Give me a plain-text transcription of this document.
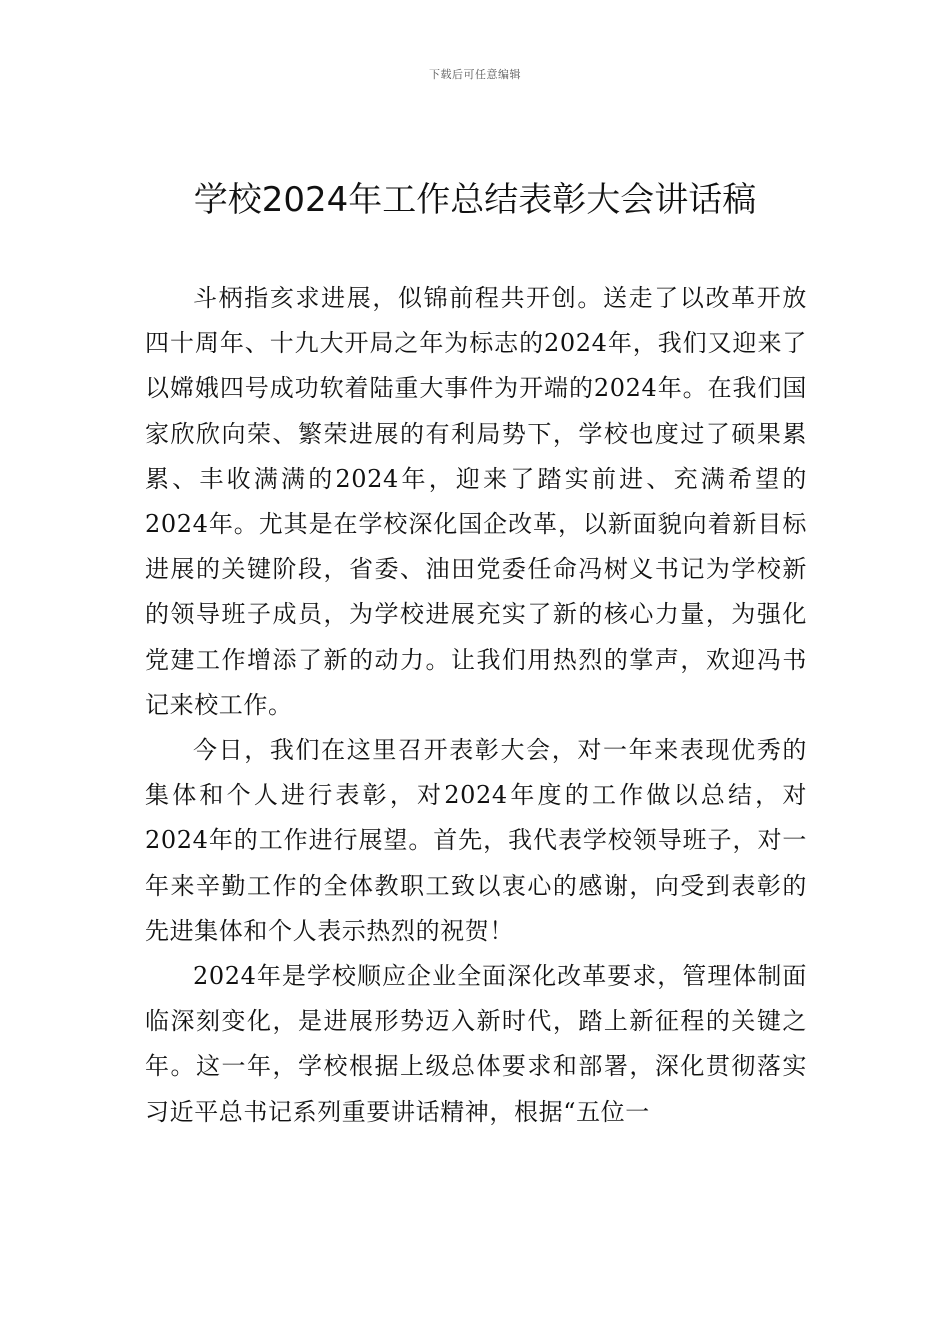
下载后可任意编辑
学校2024年工作总结表彰大会讲话稿

斗柄指亥求进展，似锦前程共开创。送走了以改革开放四十周年、十九大开局之年为标志的2024年，我们又迎来了以嫦娥四号成功软着陆重大事件为开端的2024年。在我们国家欣欣向荣、繁荣进展的有利局势下，学校也度过了硕果累累、丰收满满的2024年，迎来了踏实前进、充满希望的2024年。尤其是在学校深化国企改革，以新面貌向着新目标进展的关键阶段，省委、油田党委任命冯树义书记为学校新的领导班子成员，为学校进展充实了新的核心力量，为强化党建工作增添了新的动力。让我们用热烈的掌声，欢迎冯书记来校工作。

今日，我们在这里召开表彰大会，对一年来表现优秀的集体和个人进行表彰，对2024年度的工作做以总结，对2024年的工作进行展望。首先，我代表学校领导班子，对一年来辛勤工作的全体教职工致以衷心的感谢，向受到表彰的先进集体和个人表示热烈的祝贺！

2024年是学校顺应企业全面深化改革要求，管理体制面临深刻变化，是进展形势迈入新时代，踏上新征程的关键之年。这一年，学校根据上级总体要求和部署，深化贯彻落实习近平总书记系列重要讲话精神，根据“五位一
